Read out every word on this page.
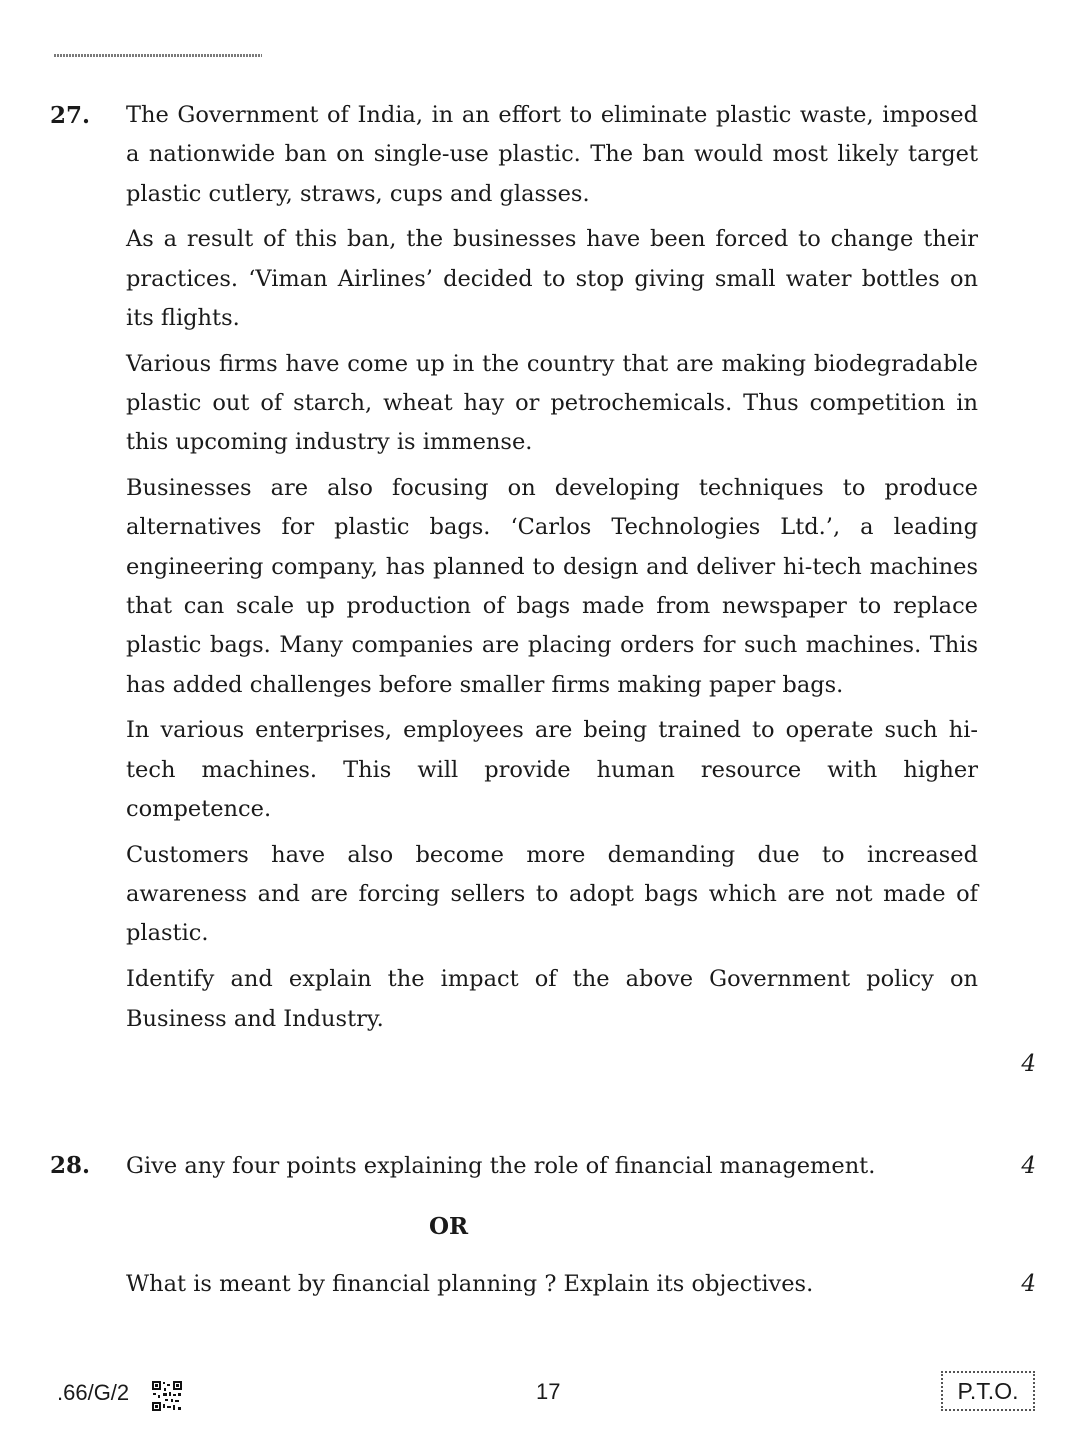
27. The Government of India, in an effort to eliminate plastic waste, imposed a nationwide ban on single-use plastic. The ban would most likely target plastic cutlery, straws, cups and glasses.

As a result of this ban, the businesses have been forced to change their practices. ‘Viman Airlines’ decided to stop giving small water bottles on its flights.

Various firms have come up in the country that are making biodegradable plastic out of starch, wheat hay or petrochemicals. Thus competition in this upcoming industry is immense.

Businesses are also focusing on developing techniques to produce alternatives for plastic bags. ‘Carlos Technologies Ltd.’, a leading engineering company, has planned to design and deliver hi-tech machines that can scale up production of bags made from newspaper to replace plastic bags. Many companies are placing orders for such machines. This has added challenges before smaller firms making paper bags.

In various enterprises, employees are being trained to operate such hi-tech machines. This will provide human resource with higher competence.

Customers have also become more demanding due to increased awareness and are forcing sellers to adopt bags which are not made of plastic.

Identify and explain the impact of the above Government policy on Business and Industry.

4
28. Give any four points explaining the role of financial management.	4
OR
What is meant by financial planning ? Explain its objectives.	4
.66/G/2	17	P.T.O.
